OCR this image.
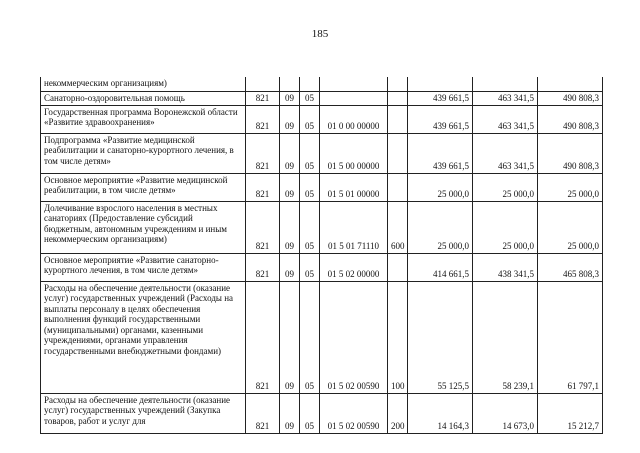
185
некоммерческим организациям)								
Санаторно-оздоровительная помощь	821	09	05			439 661,5	463 341,5	490 808,3
Государственная программа Воронежской области «Развитие здравоохранения»	821	09	05	01 0 00 00000		439 661,5	463 341,5	490 808,3
Подпрограмма «Развитие медицинской реабилитации и санаторно-курортного лечения, в том числе детям»	821	09	05	01 5 00 00000		439 661,5	463 341,5	490 808,3
Основное мероприятие «Развитие медицинской реабилитации, в том числе детям»	821	09	05	01 5 01 00000		25 000,0	25 000,0	25 000,0
Долечивание взрослого населения в местных санаториях (Предоставление субсидий бюджетным, автономным учреждениям и иным некоммерческим организациям)	821	09	05	01 5 01 71110	600	25 000,0	25 000,0	25 000,0
Основное мероприятие «Развитие санаторно-курортного лечения, в том числе детям»	821	09	05	01 5 02 00000		414 661,5	438 341,5	465 808,3
Расходы на обеспечение деятельности (оказание услуг) государственных учреждений (Расходы на выплаты персоналу в целях обеспечения выполнения функций государственными (муниципальными) органами, казенными учреждениями, органами управления государственными внебюджетными фондами)	821	09	05	01 5 02 00590	100	55 125,5	58 239,1	61 797,1
Расходы на обеспечение деятельности (оказание услуг) государственных учреждений (Закупка товаров, работ и услуг для	821	09	05	01 5 02 00590	200	14 164,3	14 673,0	15 212,7
